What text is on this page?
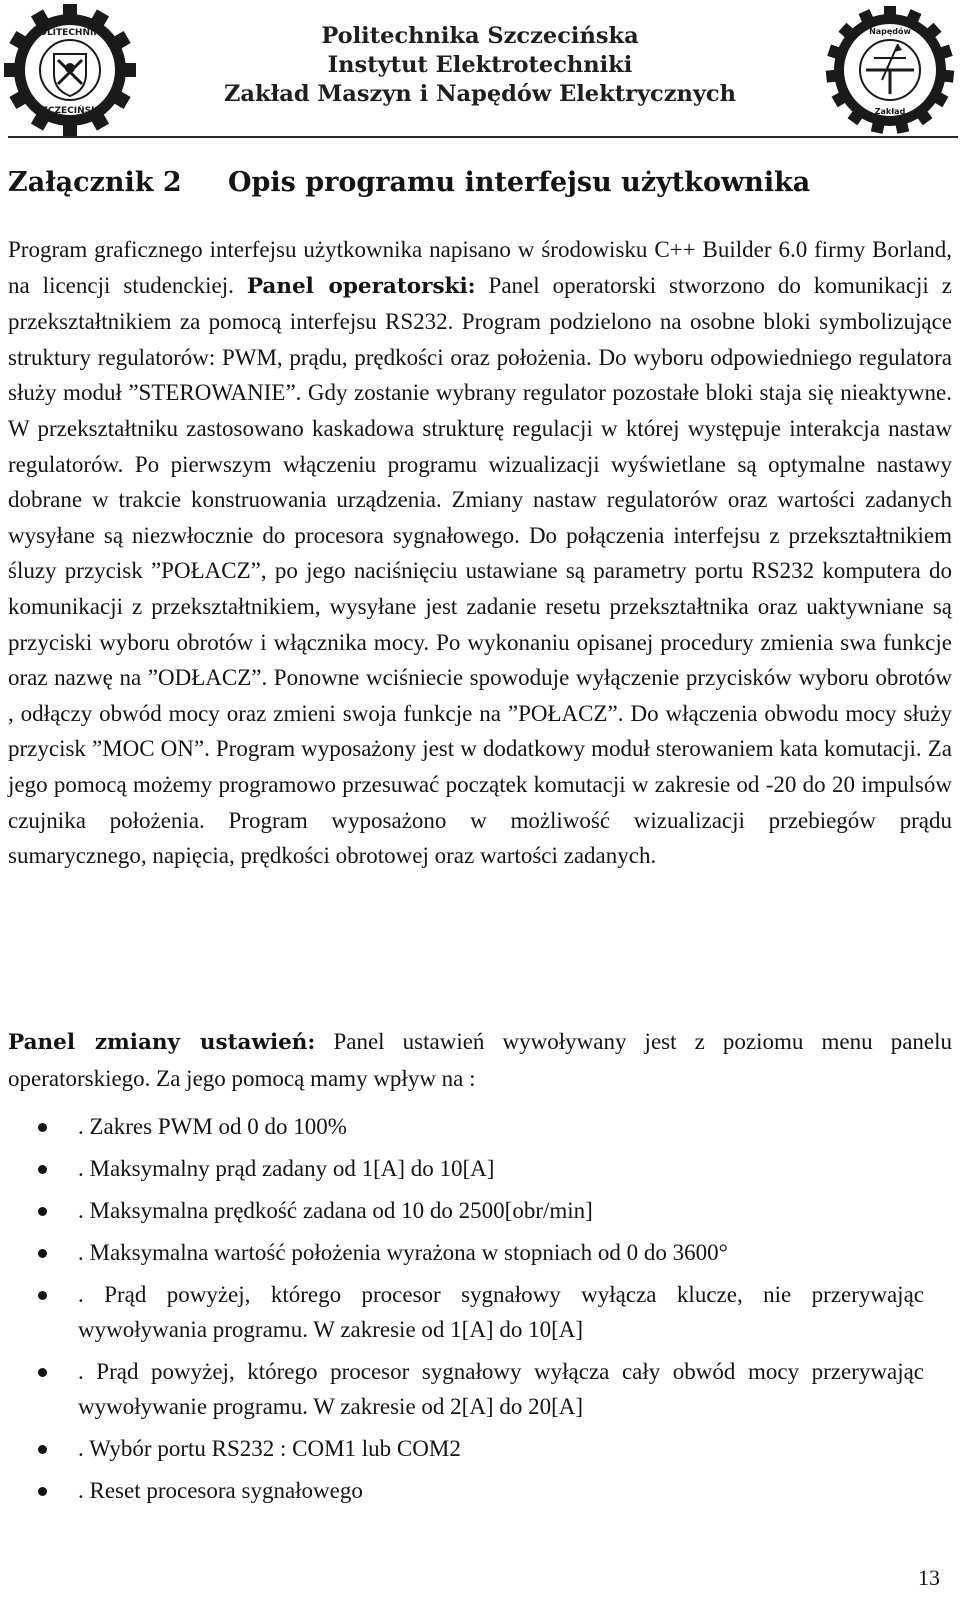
POLITECHNIKA
SZCZECIŃSKA
Politechnika Szczecińska
Instytut Elektrotechniki
Zakład Maszyn i Napędów Elektrycznych
Napędów
Zakład
Załącznik 2 Opis programu interfejsu użytkownika

Program graficznego interfejsu użytkownika napisano w środowisku C++ Builder 6.0 firmy Borland, na licencji studenckiej. Panel operatorski: Panel operatorski stworzono do komunikacji z przekształtnikiem za pomocą interfejsu RS232. Program podzielono na osobne bloki symbolizujące struktury regulatorów: PWM, prądu, prędkości oraz położenia. Do wyboru odpowiedniego regulatora służy moduł ”STEROWANIE”. Gdy zostanie wybrany regulator pozostałe bloki staja się nieaktywne. W przekształtniku zastosowano kaskadowa strukturę regulacji w której występuje interakcja nastaw regulatorów. Po pierwszym włączeniu programu wizualizacji wyświetlane są optymalne nastawy dobrane w trakcie konstruowania urządzenia. Zmiany nastaw regulatorów oraz wartości zadanych wysyłane są niezwłocznie do procesora sygnałowego. Do połączenia interfejsu z przekształtnikiem śluzy przycisk ”POŁACZ”, po jego naciśnięciu ustawiane są parametry portu RS232 komputera do komunikacji z przekształtnikiem, wysyłane jest zadanie resetu przekształtnika oraz uaktywniane są przyciski wyboru obrotów i włącznika mocy. Po wykonaniu opisanej procedury zmienia swa funkcje oraz nazwę na ”ODŁACZ”. Ponowne wciśniecie spowoduje wyłączenie przycisków wyboru obrotów , odłączy obwód mocy oraz zmieni swoja funkcje na ”POŁACZ”. Do włączenia obwodu mocy służy przycisk ”MOC ON”. Program wyposażony jest w dodatkowy moduł sterowaniem kata komutacji. Za jego pomocą możemy programowo przesuwać początek komutacji w zakresie od -20 do 20 impulsów czujnika położenia. Program wyposażono w możliwość wizualizacji przebiegów prądu sumarycznego, napięcia, prędkości obrotowej oraz wartości zadanych.

Panel zmiany ustawień: Panel ustawień wywoływany jest z poziomu menu panelu operatorskiego. Za jego pomocą mamy wpływ na :

. Zakres PWM od 0 do 100%
. Maksymalny prąd zadany od 1[A] do 10[A]
. Maksymalna prędkość zadana od 10 do 2500[obr/min]
. Maksymalna wartość położenia wyrażona w stopniach od 0 do 3600°
. Prąd powyżej, którego procesor sygnałowy wyłącza klucze, nie przerywając wywoływania programu. W zakresie od 1[A] do 10[A]
. Prąd powyżej, którego procesor sygnałowy wyłącza cały obwód mocy przerywając wywoływanie programu. W zakresie od 2[A] do 20[A]
. Wybór portu RS232 : COM1 lub COM2
. Reset procesora sygnałowego
13
